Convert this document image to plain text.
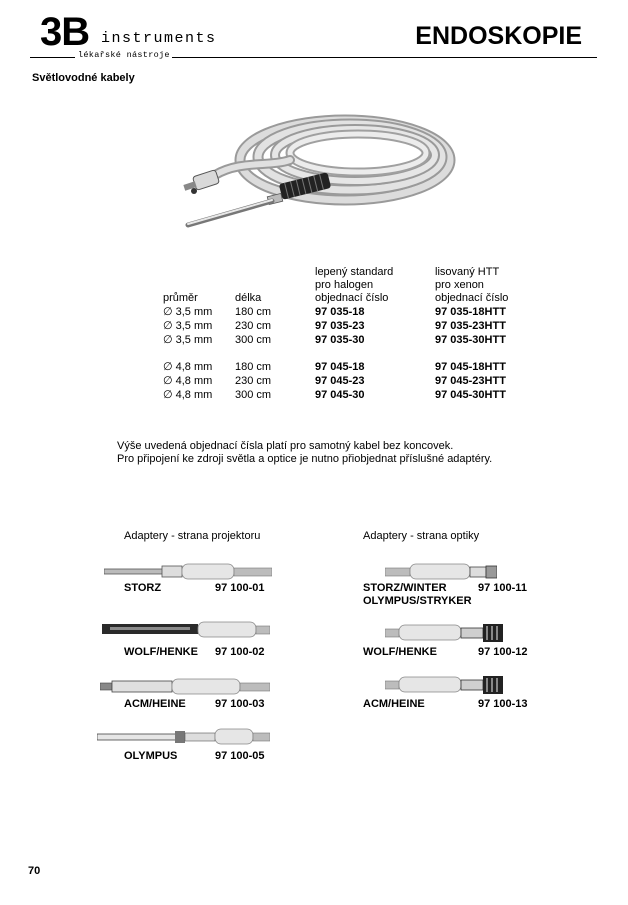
3B instruments
lékařské nástroje
ENDOSKOPIE
Světlovodné kabely
lepený standard
pro halogen
objednací číslo
lisovaný HTT
pro xenon
objednací číslo
průměr	délka
∅ 3,5 mm 180 cm	97 035-18	97 035-18HTT
∅ 3,5 mm 230 cm	97 035-23	97 035-23HTT
∅ 3,5 mm 300 cm	97 035-30	97 035-30HTT
∅ 4,8 mm 180 cm	97 045-18	97 045-18HTT
∅ 4,8 mm 230 cm	97 045-23	97 045-23HTT
∅ 4,8 mm 300 cm	97 045-30	97 045-30HTT
Výše uvedená objednací čísla platí pro samotný kabel bez koncovek.
Pro připojení ke zdroji světla a optice je nutno přiobjednat příslušné adaptéry.
Adaptery - strana projektoru
STORZ	97 100-01
WOLF/HENKE 97 100-02
ACM/HEINE	97 100-03
OLYMPUS	97 100-05
Adaptery - strana optiky
STORZ/WINTER
OLYMPUS/STRYKER
97 100-11
WOLF/HENKE	97 100-12
ACM/HEINE	97 100-13
70
